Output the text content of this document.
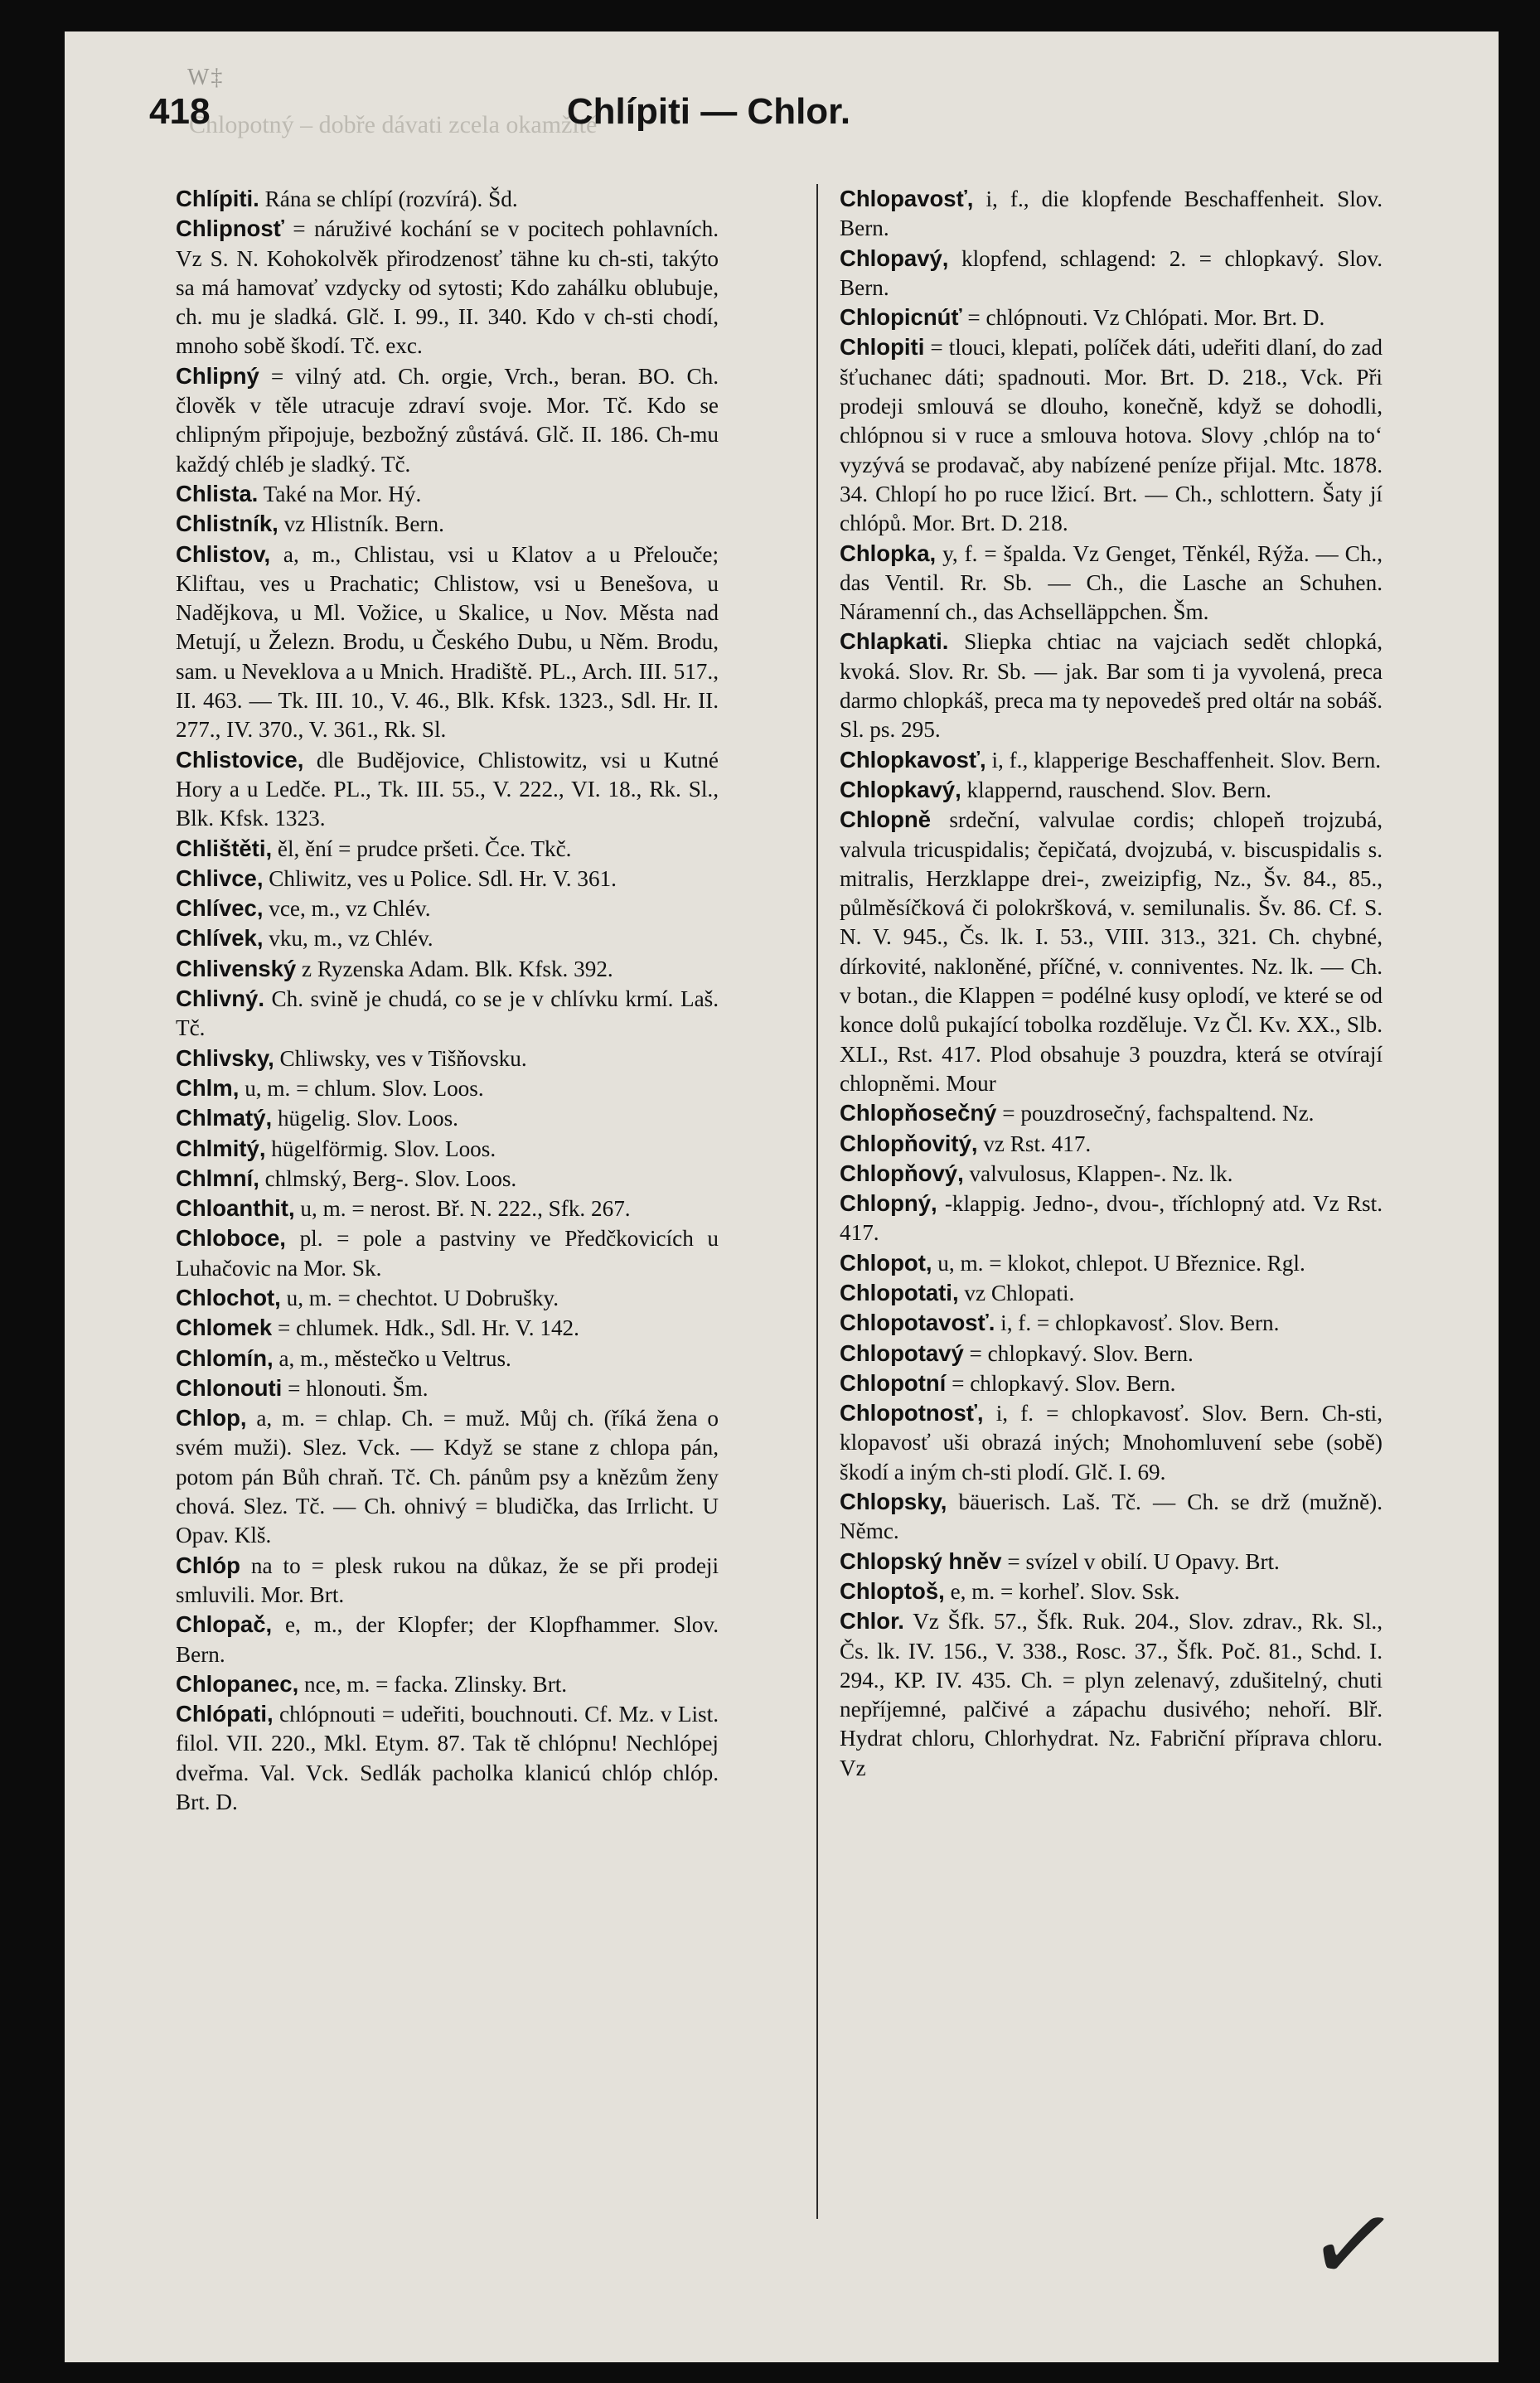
W‡
Chlopotný – dobře dávati zcela okamžitě
Chlípiti — Chlor.
418
Chlípiti. Rána se chlípí (rozvírá). Šd.
Chlipnosť = náruživé kochání se v pocitech pohlavních. Vz S. N. Kohokolvěk přirodzenosť tähne ku ch-sti, takýto sa má hamovať vzdycky od sytosti; Kdo zahálku oblubuje, ch. mu je sladká. Glč. I. 99., II. 340. Kdo v ch-sti chodí, mnoho sobě škodí. Tč. exc.
Chlipný = vilný atd. Ch. orgie, Vrch., beran. BO. Ch. člověk v těle utracuje zdraví svoje. Mor. Tč. Kdo se chlipným připojuje, bezbožný zůstává. Glč. II. 186. Ch-mu každý chléb je sladký. Tč.
Chlista. Také na Mor. Hý.
Chlistník, vz Hlistník. Bern.
Chlistov, a, m., Chlistau, vsi u Klatov a u Přelouče; Kliftau, ves u Prachatic; Chlistow, vsi u Benešova, u Nadějkova, u Ml. Vožice, u Skalice, u Nov. Města nad Metují, u Železn. Brodu, u Českého Dubu, u Něm. Brodu, sam. u Neveklova a u Mnich. Hradiště. PL., Arch. III. 517., II. 463. — Tk. III. 10., V. 46., Blk. Kfsk. 1323., Sdl. Hr. II. 277., IV. 370., V. 361., Rk. Sl.
Chlistovice, dle Budějovice, Chlistowitz, vsi u Kutné Hory a u Ledče. PL., Tk. III. 55., V. 222., VI. 18., Rk. Sl., Blk. Kfsk. 1323.
Chlištěti, ěl, ění = prudce pršeti. Čce. Tkč.
Chlivce, Chliwitz, ves u Police. Sdl. Hr. V. 361.
Chlívec, vce, m., vz Chlév.
Chlívek, vku, m., vz Chlév.
Chlivenský z Ryzenska Adam. Blk. Kfsk. 392.
Chlivný. Ch. svině je chudá, co se je v chlívku krmí. Laš. Tč.
Chlivsky, Chliwsky, ves v Tišňovsku.
Chlm, u, m. = chlum. Slov. Loos.
Chlmatý, hügelig. Slov. Loos.
Chlmitý, hügelförmig. Slov. Loos.
Chlmní, chlmský, Berg-. Slov. Loos.
Chloanthit, u, m. = nerost. Bř. N. 222., Sfk. 267.
Chloboce, pl. = pole a pastviny ve Předčkovicích u Luhačovic na Mor. Sk.
Chlochot, u, m. = chechtot. U Dobrušky.
Chlomek = chlumek. Hdk., Sdl. Hr. V. 142.
Chlomín, a, m., městečko u Veltrus.
Chlonouti = hlonouti. Šm.
Chlop, a, m. = chlap. Ch. = muž. Můj ch. (říká žena o svém muži). Slez. Vck. — Když se stane z chlopa pán, potom pán Bůh chraň. Tč. Ch. pánům psy a knězům ženy chová. Slez. Tč. — Ch. ohnivý = bludička, das Irrlicht. U Opav. Klš.
Chlóp na to = plesk rukou na důkaz, že se při prodeji smluvili. Mor. Brt.
Chlopač, e, m., der Klopfer; der Klopfhammer. Slov. Bern.
Chlopanec, nce, m. = facka. Zlinsky. Brt.
Chlópati, chlópnouti = udeřiti, bouchnouti. Cf. Mz. v List. filol. VII. 220., Mkl. Etym. 87. Tak tě chlópnu! Nechlópej dveřma. Val. Vck. Sedlák pacholka klanicú chlóp chlóp. Brt. D.
Chlopavosť, i, f., die klopfende Beschaffenheit. Slov. Bern.
Chlopavý, klopfend, schlagend: 2. = chlopkavý. Slov. Bern.
Chlopicnúť = chlópnouti. Vz Chlópati. Mor. Brt. D.
Chlopiti = tlouci, klepati, políček dáti, udeřiti dlaní, do zad šťuchanec dáti; spadnouti. Mor. Brt. D. 218., Vck. Při prodeji smlouvá se dlouho, konečně, když se dohodli, chlópnou si v ruce a smlouva hotova. Slovy ‚chlóp na to‘ vyzývá se prodavač, aby nabízené peníze přijal. Mtc. 1878. 34. Chlopí ho po ruce lžicí. Brt. — Ch., schlottern. Šaty jí chlópů. Mor. Brt. D. 218.
Chlopka, y, f. = špalda. Vz Genget, Těnkél, Rýža. — Ch., das Ventil. Rr. Sb. — Ch., die Lasche an Schuhen. Náramenní ch., das Achselläppchen. Šm.
Chlapkati. Sliepka chtiac na vajciach sedět chlopká, kvoká. Slov. Rr. Sb. — jak. Bar som ti ja vyvolená, preca darmo chlopkáš, preca ma ty nepovedeš pred oltár na sobáš. Sl. ps. 295.
Chlopkavosť, i, f., klapperige Beschaffenheit. Slov. Bern.
Chlopkavý, klappernd, rauschend. Slov. Bern.
Chlopně srdeční, valvulae cordis; chlopeň trojzubá, valvula tricuspidalis; čepičatá, dvojzubá, v. biscuspidalis s. mitralis, Herzklappe drei-, zweizipfig, Nz., Šv. 84., 85., půlměsíčková či polokršková, v. semilunalis. Šv. 86. Cf. S. N. V. 945., Čs. lk. I. 53., VIII. 313., 321. Ch. chybné, dírkovité, nakloněné, příčné, v. conniventes. Nz. lk. — Ch. v botan., die Klappen = podélné kusy oplodí, ve které se od konce dolů pukající tobolka rozděluje. Vz Čl. Kv. XX., Slb. XLI., Rst. 417. Plod obsahuje 3 pouzdra, která se otvírají chlopněmi. Mour
Chlopňosečný = pouzdrosečný, fachspaltend. Nz.
Chlopňovitý, vz Rst. 417.
Chlopňový, valvulosus, Klappen-. Nz. lk.
Chlopný, -klappig. Jedno-, dvou-, tříchlopný atd. Vz Rst. 417.
Chlopot, u, m. = klokot, chlepot. U Březnice. Rgl.
Chlopotati, vz Chlopati.
Chlopotavosť. i, f. = chlopkavosť. Slov. Bern.
Chlopotavý = chlopkavý. Slov. Bern.
Chlopotní = chlopkavý. Slov. Bern.
Chlopotnosť, i, f. = chlopkavosť. Slov. Bern. Ch-sti, klopavosť uši obrazá iných; Mnohomluvení sebe (sobě) škodí a iným ch-sti plodí. Glč. I. 69.
Chlopsky, bäuerisch. Laš. Tč. — Ch. se drž (mužně). Němc.
Chlopský hněv = svízel v obilí. U Opavy. Brt.
Chloptoš, e, m. = korheľ. Slov. Ssk.
Chlor. Vz Šfk. 57., Šfk. Ruk. 204., Slov. zdrav., Rk. Sl., Čs. lk. IV. 156., V. 338., Rosc. 37., Šfk. Poč. 81., Schd. I. 294., KP. IV. 435. Ch. = plyn zelenavý, zdušitelný, chuti nepříjemné, palčivé a zápachu dusivého; nehoří. Blř. Hydrat chloru, Chlorhydrat. Nz. Fabriční příprava chloru. Vz
✓
